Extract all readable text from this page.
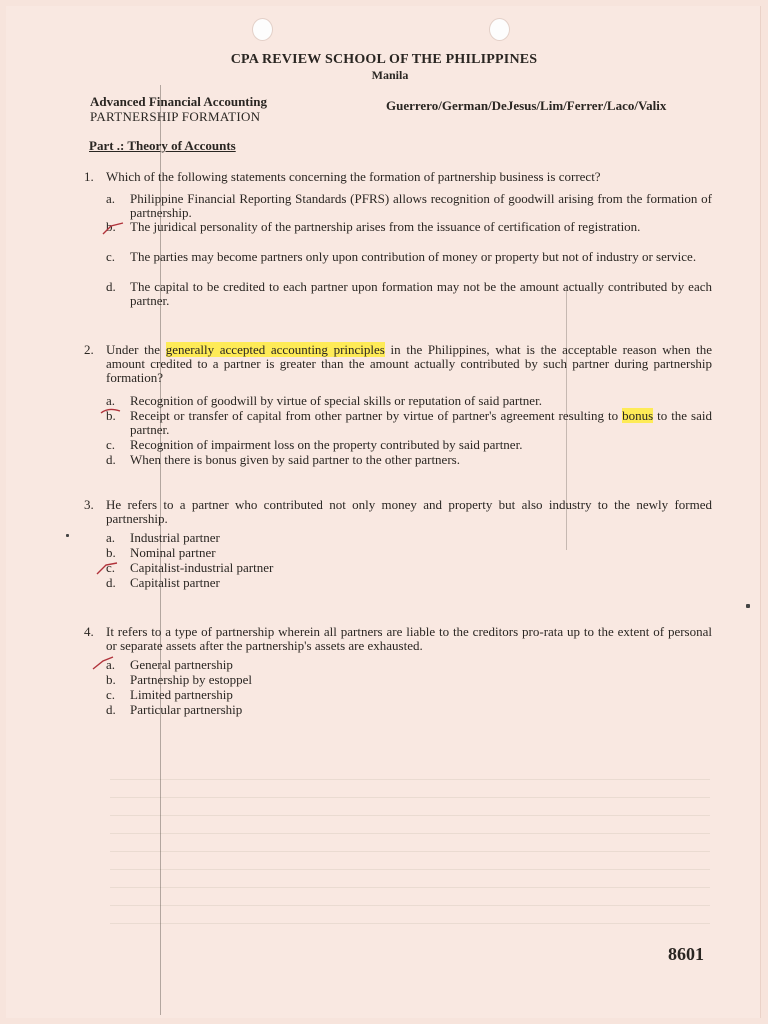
CPA REVIEW SCHOOL OF THE PHILIPPINES
Manila
Advanced Financial Accounting
PARTNERSHIP FORMATION
Guerrero/German/DeJesus/Lim/Ferrer/Laco/Valix
Part .: Theory of Accounts
1. Which of the following statements concerning the formation of partnership business is correct?
a.	Philippine Financial Reporting Standards (PFRS) allows recognition of goodwill arising from the formation of partnership.
b.	The juridical personality of the partnership arises from the issuance of certification of registration.
c.	The parties may become partners only upon contribution of money or property but not of industry or service.
d.	The capital to be credited to each partner upon formation may not be the amount actually contributed by each partner.
2. Under the generally accepted accounting principles in the Philippines, what is the acceptable reason when the amount credited to a partner is greater than the amount actually contributed by such partner during partnership formation?
a.	Recognition of goodwill by virtue of special skills or reputation of said partner.
b.	Receipt or transfer of capital from other partner by virtue of partner's agreement resulting to bonus to the said partner.
c.	Recognition of impairment loss on the property contributed by said partner.
d.	When there is bonus given by said partner to the other partners.
3. He refers to a partner who contributed not only money and property but also industry to the newly formed partnership.
a.	Industrial partner
b.	Nominal partner
c.	Capitalist-industrial partner
d.	Capitalist partner
4. It refers to a type of partnership wherein all partners are liable to the creditors pro-rata up to the extent of personal or separate assets after the partnership's assets are exhausted.
a.	General partnership
b.	Partnership by estoppel
c.	Limited partnership
d.	Particular partnership
8601
